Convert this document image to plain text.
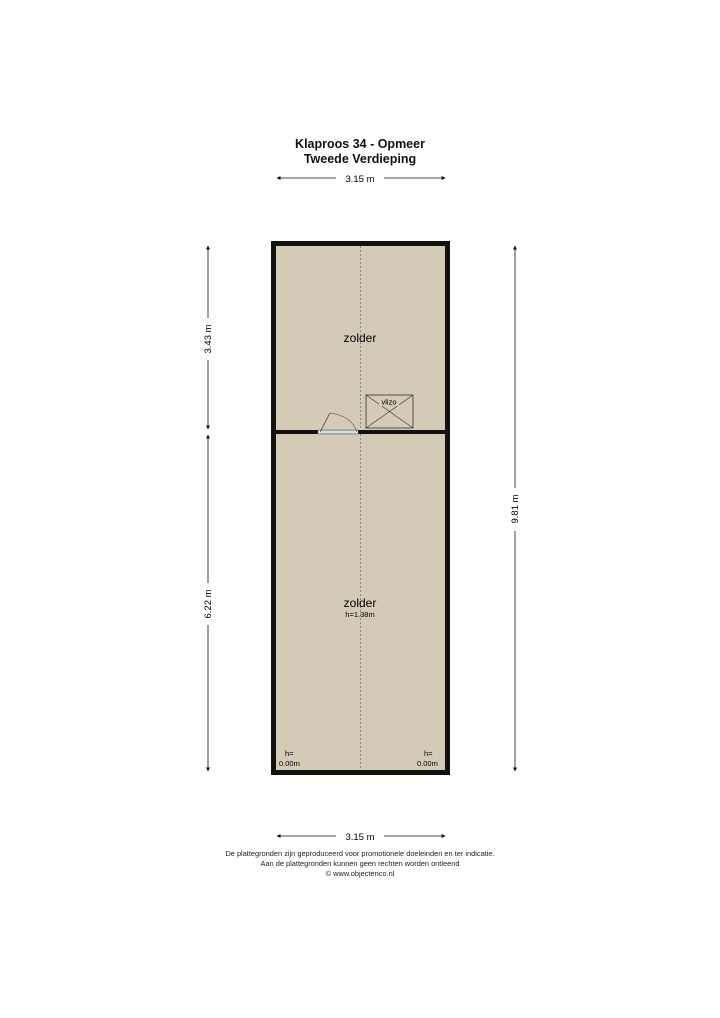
Klaproos 34 - Opmeer
Tweede Verdieping
3.15 m
vlizo
zolder
zolder
h=1.38m
h=
0.00m
h=
0.00m
3.43 m
6.22 m
9.81 m
3.15 m
De plattegronden zijn geproduceerd voor promotionele doeleinden en ter indicatie.
Aan de plattegronden kunnen geen rechten worden ontleend
© www.objectenco.nl
